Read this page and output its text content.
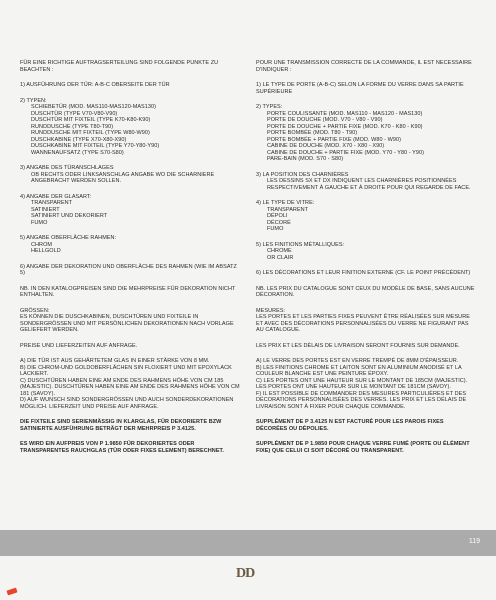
FÜR EINE RICHTIGE AUFTRAGSERTEILUNG SIND FOLGENDE PUNKTE ZU BEACHTEN :

1) AUSFÜHRUNG DER TÜR: A-B-C OBERSEITE DER TÜR

2) TYPEN:

SCHIEBETÜR (MOD. MAS110-MAS120-MAS130)

DUSCHTÜR (TYPE V70-V80-V90)

DUSCHTÜR MIT FIXTEIL (TYPE K70-K80-K90)

RUNDDUSCHE (TYPE T80-T90)

RUNDDUSCHE MIT FIXTEIL (TYPE W80-W90)

DUSCHKABINE (TYPE X70-X80-X90)

DUSCHKABINE MIT FIXTEIL (TYPE Y70-Y80-Y90)

WANNENAUFSATZ (TYPE S70-S80)

3) ANGABE DES TÜRANSCHLAGES

OB RECHTS ODER LINKSANSCHLAG ANGABE WO DIE SCHARNIERE ANGEBRACHT WERDEN SOLLEN.

4) ANGABE DER GLASART:

TRANSPARENT

SATINIERT

SATINIERT UND DEKORIERT

FUMO

5) ANGABE OBERFLÄCHE RAHMEN:

CHROM

HELLGOLD

6) ANGABE DER DEKORATION UND OBERFLÄCHE DES RAHMEN (WIE IM ABSATZ 5)

NB. IN DEN KATALOGPREISEN SIND DIE MEHRPREISE FÜR DEKORATION NICHT ENTHALTEN.

GRÖSSEN:

ES KÖNNEN DIE DUSCHKABINEN, DUSCHTÜREN UND FIXTEILE IN SONDERGRÖSSEN UND MIT PERSÖNLICHEN DEKORATIONEN NACH VORLAGE GELIEFERT WERDEN.

PREISE UND LIEFERZEITEN AUF ANFRAGE.

A) DIE TÜR IST AUS GEHÄRTETEM GLAS IN EINER STÄRKE VON 8 MM.

B) DIE CHROM-UND GOLDOBERFLÄCHEN SIN FLOXIERT UND MIT EPOXYLACK LACKIERT.

C) DUSCHTÜREN HABEN EINE AM ENDE DES RAHMENS HÖHE VON CM 185 (MAJESTIC). DUSCHTÜREN HABEN EINE AM ENDE DES RAHMENS HÖHE VON CM 181 (SAVOY).

D) AUF WUNSCH SIND SONDERGRÖSSEN UND AUCH SONDERDEKORATIONEN MÖGLICH. LIEFERZEIT UND PREISE AUF ANFRAGE.

DIE FIXTEILE SIND SERIENMÄSSIG IN KLARGLAS, FÜR DEKORIERTE BZW SATINIERTE AUSFÜHRUNG BETRÄGT DER MEHRPREIS P 3.4125.

ES WIRD EIN AUFPREIS VON P 1.9850 FÜR DEKORIERTES ODER TRANSPARENTES RAUCHGLAS (TÜR ODER FIXES ELEMENT) BERECHNET.

POUR UNE TRANSMISSION CORRECTE DE LA COMMANDE, IL EST NECESSAIRE D'INDIQUER :

1) LE TYPE DE PORTE (A-B-C) SELON LA FORME DU VERRE DANS SA PARTIE SUPÉRIEURE

2) TYPES:

PORTE COULISSANTE (MOD. MAS110 - MAS120 - MAS130)

PORTE DE DOUCHE (MOD. V70 - V80 - V90)

PORTE DE DOUCHE + PARTIE FIXE (MOD. K70 - K80 - K90)

PORTE BOMBÉE (MOD. T80 - T90)

PORTE BOMBÉE + PARTIE FIXE (MOD. W80 - W90)

CABINE DE DOUCHE (MOD. X70 - X80 - X90)

CABINE DE DOUCHE + PARTIE FIXE (MOD. Y70 - Y80 - Y90)

PARE-BAIN (MOD. S70 - S80)

3) LA POSITION DES CHARNIÈRES

LES DESSINS SX ET DX INDIQUENT LES CHARNIÈRES POSITIONNÉES RESPECTIVEMENT À GAUCHE ET À DROITE POUR QUI REGARDE DE FACE.

4) LE TYPE DE VITRE:

TRANSPARENT

DÉPOLI

DÉCORÉ

FUMO

5) LES FINITIONS MÉTALLIQUES:

CHROME

OR CLAIR

6) LES DÉCORATIONS ET LEUR FINITION EXTERNE (CF. LE POINT PRÉCÉDENT)

NB. LES PRIX DU CATALOGUE SONT CEUX DU MODÈLE DE BASE, SANS AUCUNE DÉCORATION.

MESURES:

LES PORTES ET LES PARTIES FIXES PEUVENT ÊTRE RÉALISÉES SUR MESURE ET AVEC DES DÉCORATIONS PERSONNALISÉES DU VERRE NE FIGURANT PAS AU CATALOGUE.

LES PRIX ET LES DÉLAIS DE LIVRAISON SERONT FOURNIS SUR DEMANDE.

A) LE VERRE DES PORTES EST EN VERRE TREMPÉ DE 8MM D'ÉPAISSEUR.

B) LES FINITIONS CHROME ET LAITON SONT EN ALUMINIUM ANODISÉ ET LA COULEUR BLANCHE EST UNE PEINTURE ÉPOXY.

C) LES PORTES ONT UNE HAUTEUR SUR LE MONTANT DE 185CM (MAJESTIC). LES PORTES ONT UNE HAUTEUR SUR LE MONTANT DE 181CM (SAVOY).

F) IL EST POSSIBLE DE COMMANDER DES MESURES PARTICULIÈRES ET DES DÉCORATIONS PERSONNALISÉES DES VERRES. LES PRIX ET LES DÉLAIS DE LIVRAISON SONT À FIXER POUR CHAQUE COMMANDE.

SUPPLÉMENT DE P 3.4125 N EST FACTURÉ POUR LES PAROIS FIXES DÉCORÉES OU DÉPOLIES.

SUPPLÉMENT DE P 1.9850 POUR CHAQUE VERRE FUMÉ (PORTE OU ÉLÉMENT FIXE) QUE CELUI CI SOIT DÉCORÉ OU TRANSPARENT.

119
DD
